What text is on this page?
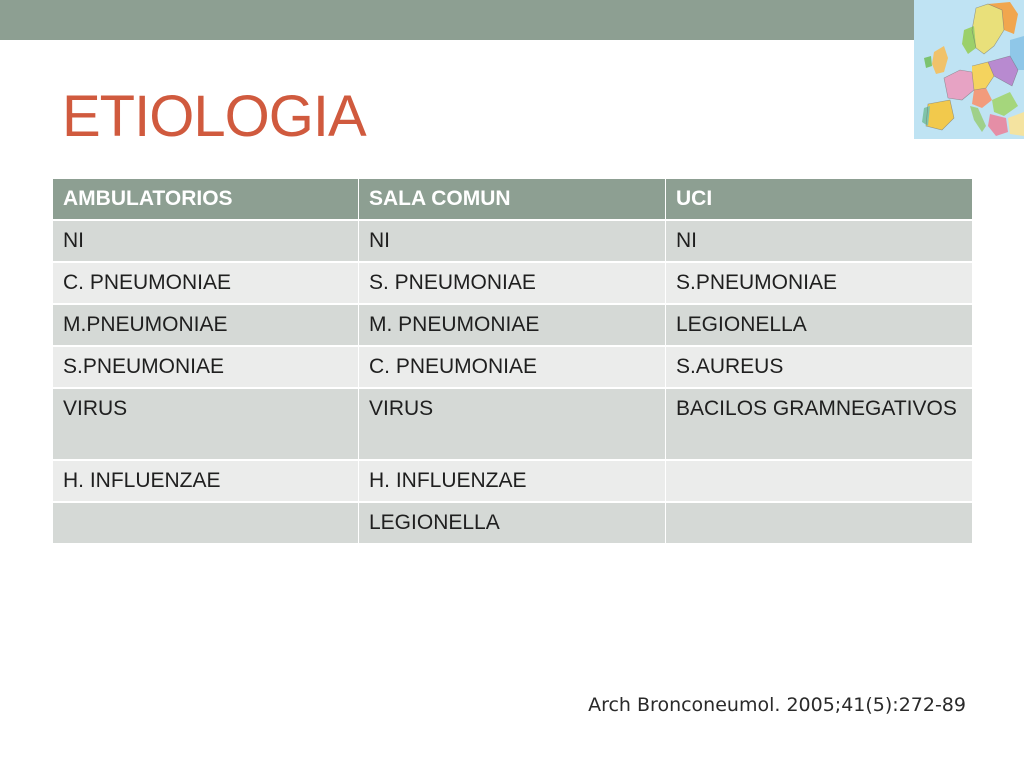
ETIOLOGIA
AMBULATORIOS	SALA COMUN	UCI
NI	NI	NI
C. PNEUMONIAE	S. PNEUMONIAE	S.PNEUMONIAE
M.PNEUMONIAE	M. PNEUMONIAE	LEGIONELLA
S.PNEUMONIAE	C. PNEUMONIAE	S.AUREUS
VIRUS	VIRUS	BACILOS GRAMNEGATIVOS
H. INFLUENZAE	H. INFLUENZAE	
	LEGIONELLA	
Arch Bronconeumol. 2005;41(5):272-89
